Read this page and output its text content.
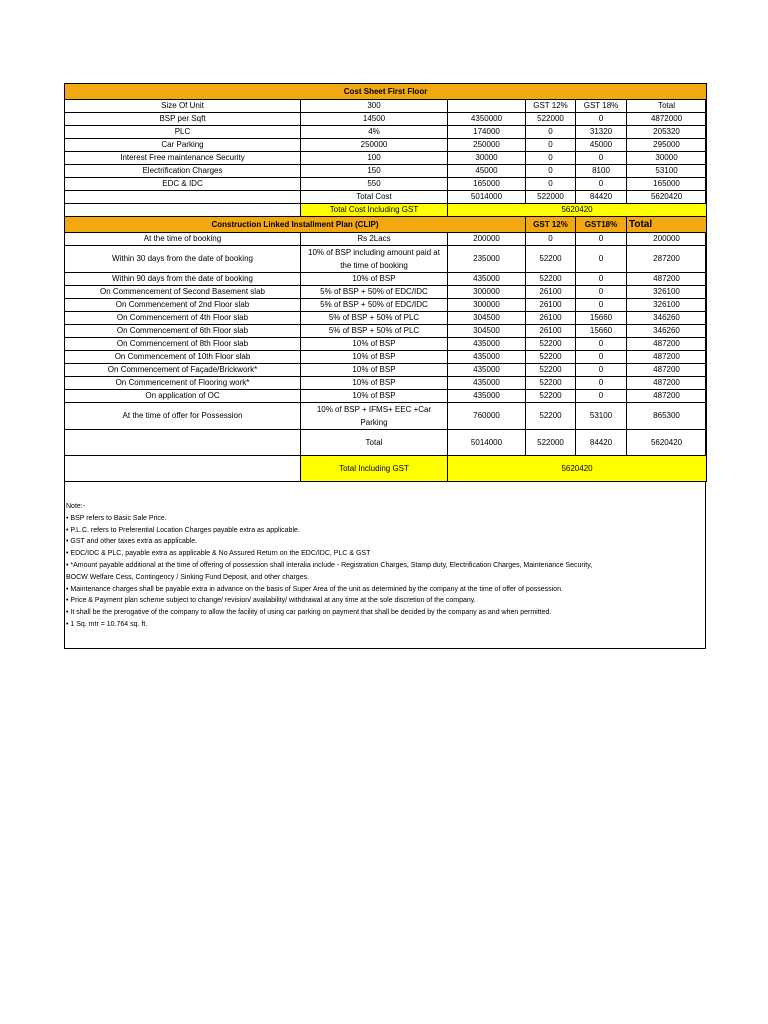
Cost Sheet First Floor					
Size Of Unit	300		GST 12%	GST 18%	Total
BSP per Sqft	14500	4350000	522000	0	4872000
PLC	4%	174000	0	31320	205320
Car Parking	250000	250000	0	45000	295000
Interest Free maintenance Security	100	30000	0	0	30000
Electrification Charges	150	45000	0	8100	53100
EDC & IDC	550	165000	0	0	165000
	Total Cost	5014000	522000	84420	5620420
	Total Cost Including GST	5620420			
Construction Linked Installment Plan (CLIP)			GST 12%	GST18%	Total
At the time of booking	Rs 2Lacs	200000	0	0	200000
Within 30 days from the date of booking	10% of BSP including amount paid at the time of booking	235000	52200	0	287200
Within 90 days from the date of booking	10% of BSP	435000	52200	0	487200
On Commencement of Second Basement slab	5% of BSP + 50% of EDC/IDC	300000	26100	0	326100
On Commencement of 2nd Floor slab	5% of BSP + 50% of EDC/IDC	300000	26100	0	326100
On Commencement of 4th Floor slab	5% of BSP + 50% of PLC	304500	26100	15660	346260
On Commencement of 6th Floor slab	5% of BSP + 50% of PLC	304500	26100	15660	346260
On Commencement of 8th Floor slab	10% of BSP	435000	52200	0	487200
On Commencement of 10th Floor slab	10% of BSP	435000	52200	0	487200
On Commencement of Façade/Brickwork*	10% of BSP	435000	52200	0	487200
On Commencement of Flooring work*	10% of BSP	435000	52200	0	487200
On application of OC	10% of BSP	435000	52200	0	487200
At the time of offer for Possession	10% of BSP + IFMS+ EEC +Car Parking	760000	52200	53100	865300
	Total	5014000	522000	84420	5620420
	Total Including GST	5620420			
Note:-
• BSP refers to Basic Sale Price.
• P.L.C. refers to Preferential Location Charges payable extra as applicable.
• GST and other taxes extra as applicable.
• EDC/IDC & PLC, payable extra as applicable & No Assured Return on the EDC/IDC, PLC & GST
• *Amount payable additional at the time of offering of possession shall interalia include - Registration Charges, Stamp duty, Electrification Charges, Maintenance Security,
BOCW Welfare Cess, Contingency / Sinking Fund Deposit, and other charges.
• Maintenance charges shall be payable extra in advance on the basis of Super Area of the unit as determined by the company at the time of offer of possession.
• Price & Payment plan scheme subject to change/ revision/ availability/ withdrawal at any time at the sole discretion of the company.
• It shall be the prerogative of the company to allow the facility of using car parking on payment that shall be decided by the company as and when permitted.
• 1 Sq. mtr = 10.764 sq. ft.
